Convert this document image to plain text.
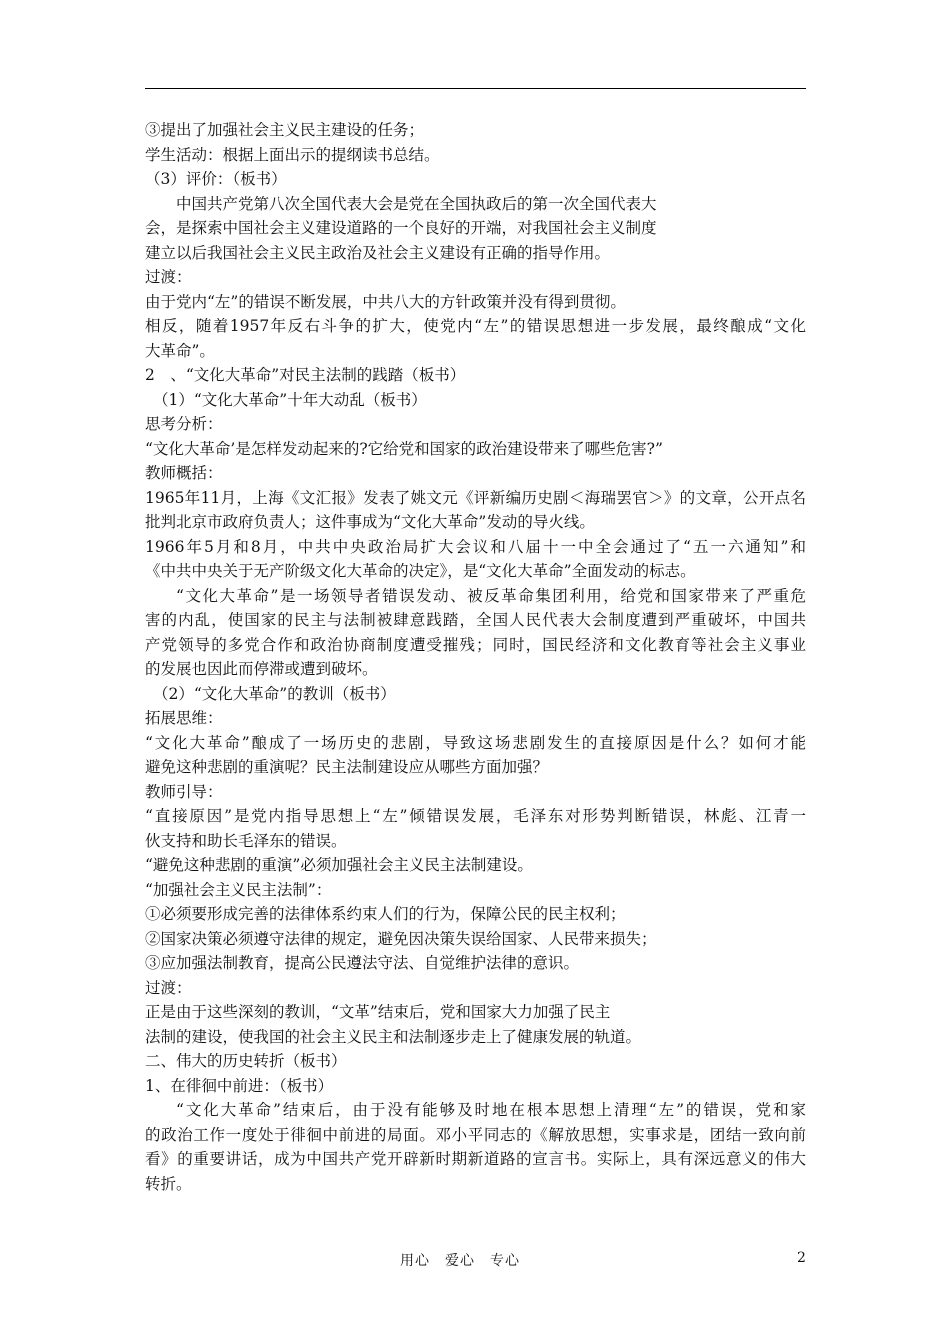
③提出了加强社会主义民主建设的任务；
学生活动：根据上面出示的提纲读书总结。
（3）评价：（板书）
中国共产党第八次全国代表大会是党在全国执政后的第一次全国代表大
会，是探索中国社会主义建设道路的一个良好的开端，对我国社会主义制度
建立以后我国社会主义民主政治及社会主义建设有正确的指导作用。
过渡：
由于党内“左”的错误不断发展，中共八大的方针政策并没有得到贯彻。
相反，随着1957年反右斗争的扩大，使党内“左”的错误思想进一步发展，最终酿成“文化
大革命”。
2　、“文化大革命”对民主法制的践踏（板书）
（1）“文化大革命”十年大动乱（板书）
思考分析：
“文化大革命’是怎样发动起来的?它给党和国家的政治建设带来了哪些危害?”
教师概括：
1965年11月，上海《文汇报》发表了姚文元《评新编历史剧＜海瑞罢官＞》的文章，公开点名
批判北京市政府负责人；这件事成为“文化大革命”发动的导火线。
1966年5月和8月，中共中央政治局扩大会议和八届十一中全会通过了“五一六通知”和
《中共中央关于无产阶级文化大革命的决定》，是“文化大革命”全面发动的标志。
“文化大革命”是一场领导者错误发动、被反革命集团利用，给党和国家带来了严重危
害的内乱，使国家的民主与法制被肆意践踏，全国人民代表大会制度遭到严重破坏，中国共
产党领导的多党合作和政治协商制度遭受摧残；同时，国民经济和文化教育等社会主义事业
的发展也因此而停滞或遭到破坏。
（2）“文化大革命”的教训（板书）
拓展思维：
“文化大革命”酿成了一场历史的悲剧，导致这场悲剧发生的直接原因是什么？如何才能
避免这种悲剧的重演呢？民主法制建设应从哪些方面加强？
教师引导：
“直接原因”是党内指导思想上“左”倾错误发展，毛泽东对形势判断错误，林彪、江青一
伙支持和助长毛泽东的错误。
“避免这种悲剧的重演”必须加强社会主义民主法制建设。
“加强社会主义民主法制”：
①必须要形成完善的法律体系约束人们的行为，保障公民的民主权利；
②国家决策必须遵守法律的规定，避免因决策失误给国家、人民带来损失；
③应加强法制教育，提高公民遵法守法、自觉维护法律的意识。
过渡：
正是由于这些深刻的教训，“文革”结束后，党和国家大力加强了民主
法制的建设，使我国的社会主义民主和法制逐步走上了健康发展的轨道。
二、伟大的历史转折（板书）
1、在徘徊中前进：（板书）
“文化大革命”结束后，由于没有能够及时地在根本思想上清理“左”的错误，党和家
的政治工作一度处于徘徊中前进的局面。邓小平同志的《解放思想，实事求是，团结一致向前
看》的重要讲话，成为中国共产党开辟新时期新道路的宣言书。实际上，具有深远意义的伟大
转折。
用心　爱心　专心	2
